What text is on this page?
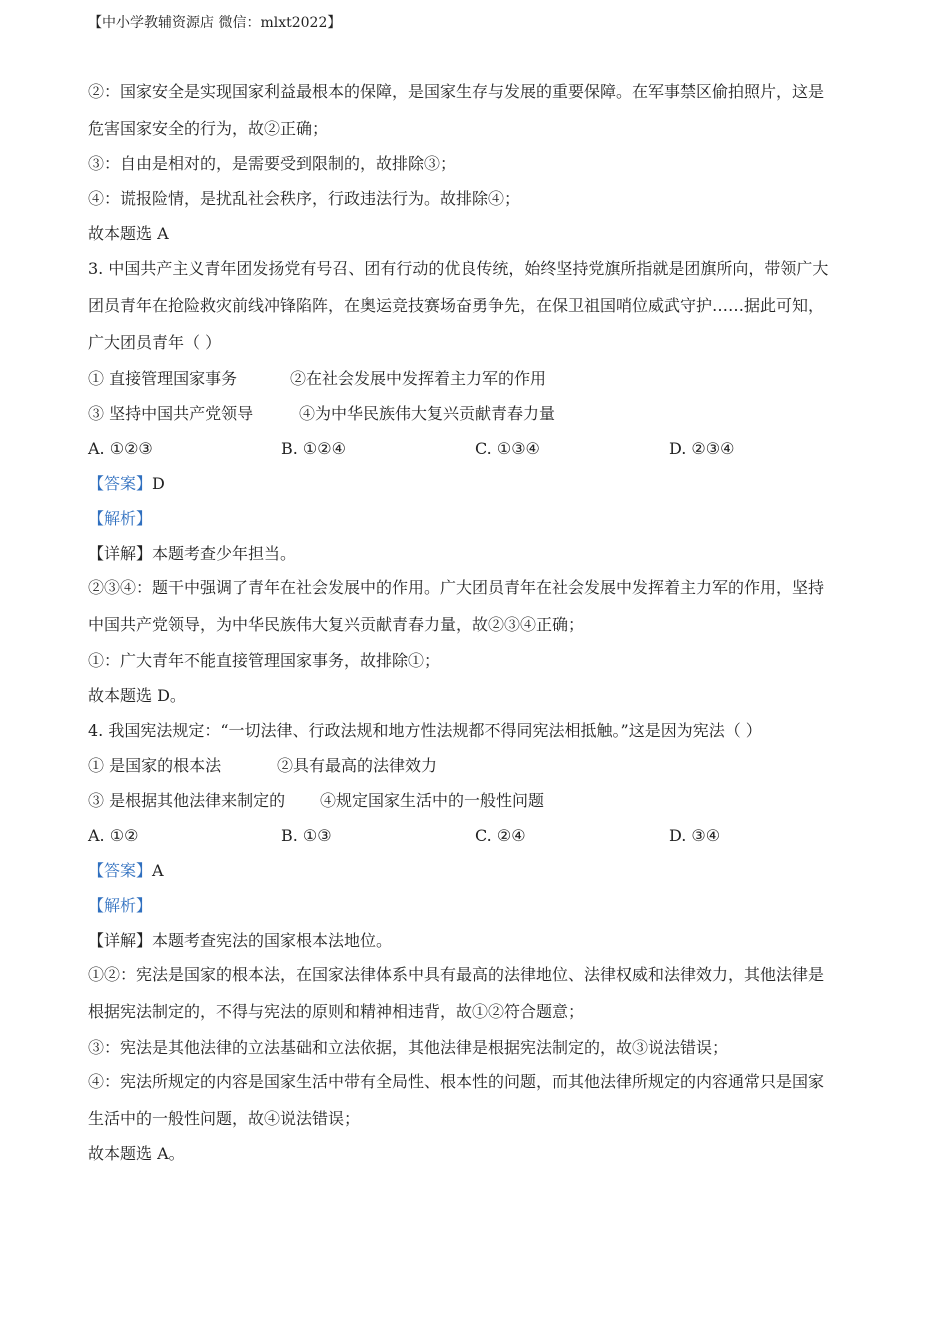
【中小学教辅资源店 微信：mlxt2022】
②：国家安全是实现国家利益最根本的保障，是国家生存与发展的重要保障。在军事禁区偷拍照片，这是
危害国家安全的行为，故②正确；
③：自由是相对的，是需要受到限制的，故排除③；
④：谎报险情，是扰乱社会秩序，行政违法行为。故排除④；
故本题选 A
3. 中国共产主义青年团发扬党有号召、团有行动的优良传统，始终坚持党旗所指就是团旗所向，带领广大
团员青年在抢险救灾前线冲锋陷阵，在奥运竞技赛场奋勇争先，在保卫祖国哨位威武守护……据此可知，
广大团员青年（ ）
① 直接管理国家事务	②在社会发展中发挥着主力军的作用
③ 坚持中国共产党领导	④为中华民族伟大复兴贡献青春力量
A. ①②③	B. ①②④	C. ①③④	D. ②③④
【答案】D
【解析】
【详解】本题考查少年担当。
②③④：题干中强调了青年在社会发展中的作用。广大团员青年在社会发展中发挥着主力军的作用，坚持
中国共产党领导，为中华民族伟大复兴贡献青春力量，故②③④正确；
①：广大青年不能直接管理国家事务，故排除①；
故本题选 D。
4. 我国宪法规定：“一切法律、行政法规和地方性法规都不得同宪法相抵触。”这是因为宪法（ ）
① 是国家的根本法	②具有最高的法律效力
③ 是根据其他法律来制定的 ④规定国家生活中的一般性问题
A. ①②	B. ①③	C. ②④	D. ③④
【答案】A
【解析】
【详解】本题考查宪法的国家根本法地位。
①②：宪法是国家的根本法，在国家法律体系中具有最高的法律地位、法律权威和法律效力，其他法律是
根据宪法制定的，不得与宪法的原则和精神相违背，故①②符合题意；
③：宪法是其他法律的立法基础和立法依据，其他法律是根据宪法制定的，故③说法错误；
④：宪法所规定的内容是国家生活中带有全局性、根本性的问题，而其他法律所规定的内容通常只是国家
生活中的一般性问题，故④说法错误；
故本题选 A。
